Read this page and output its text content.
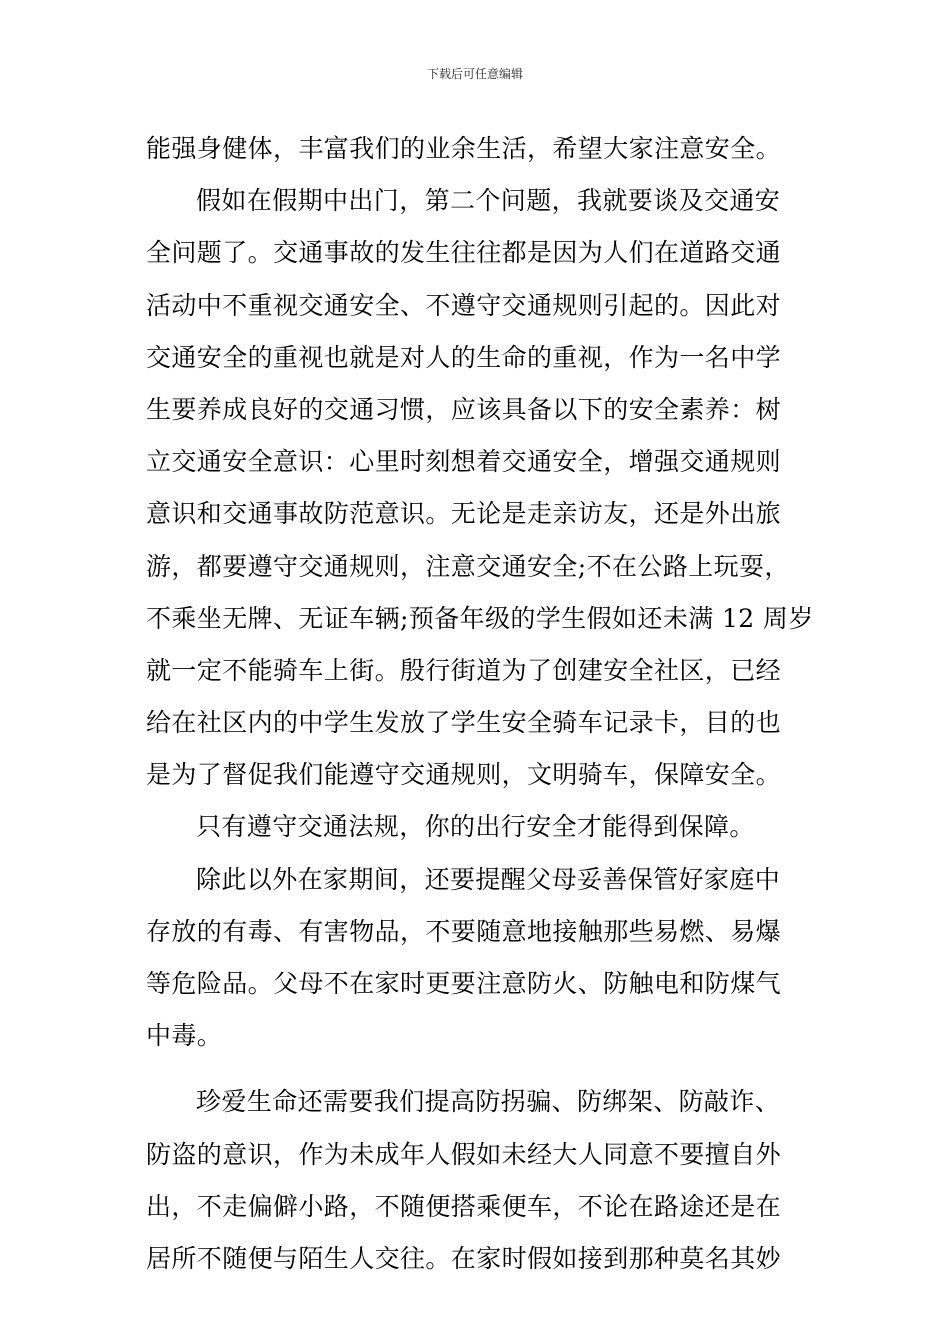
下载后可任意编辑
能强身健体，丰富我们的业余生活，希望大家注意安全。
假如在假期中出门，第二个问题，我就要谈及交通安
全问题了。交通事故的发生往往都是因为人们在道路交通
活动中不重视交通安全、不遵守交通规则引起的。因此对
交通安全的重视也就是对人的生命的重视，作为一名中学
生要养成良好的交通习惯，应该具备以下的安全素养：树
立交通安全意识：心里时刻想着交通安全，增强交通规则
意识和交通事故防范意识。无论是走亲访友，还是外出旅
游，都要遵守交通规则，注意交通安全;不在公路上玩耍，
不乘坐无牌、无证车辆;预备年级的学生假如还未满 12 周岁
就一定不能骑车上街。殷行街道为了创建安全社区，已经
给在社区内的中学生发放了学生安全骑车记录卡，目的也
是为了督促我们能遵守交通规则，文明骑车，保障安全。
只有遵守交通法规，你的出行安全才能得到保障。
除此以外在家期间，还要提醒父母妥善保管好家庭中
存放的有毒、有害物品，不要随意地接触那些易燃、易爆
等危险品。父母不在家时更要注意防火、防触电和防煤气
中毒。
珍爱生命还需要我们提高防拐骗、防绑架、防敲诈、
防盗的意识，作为未成年人假如未经大人同意不要擅自外
出，不走偏僻小路，不随便搭乘便车，不论在路途还是在
居所不随便与陌生人交往。在家时假如接到那种莫名其妙
